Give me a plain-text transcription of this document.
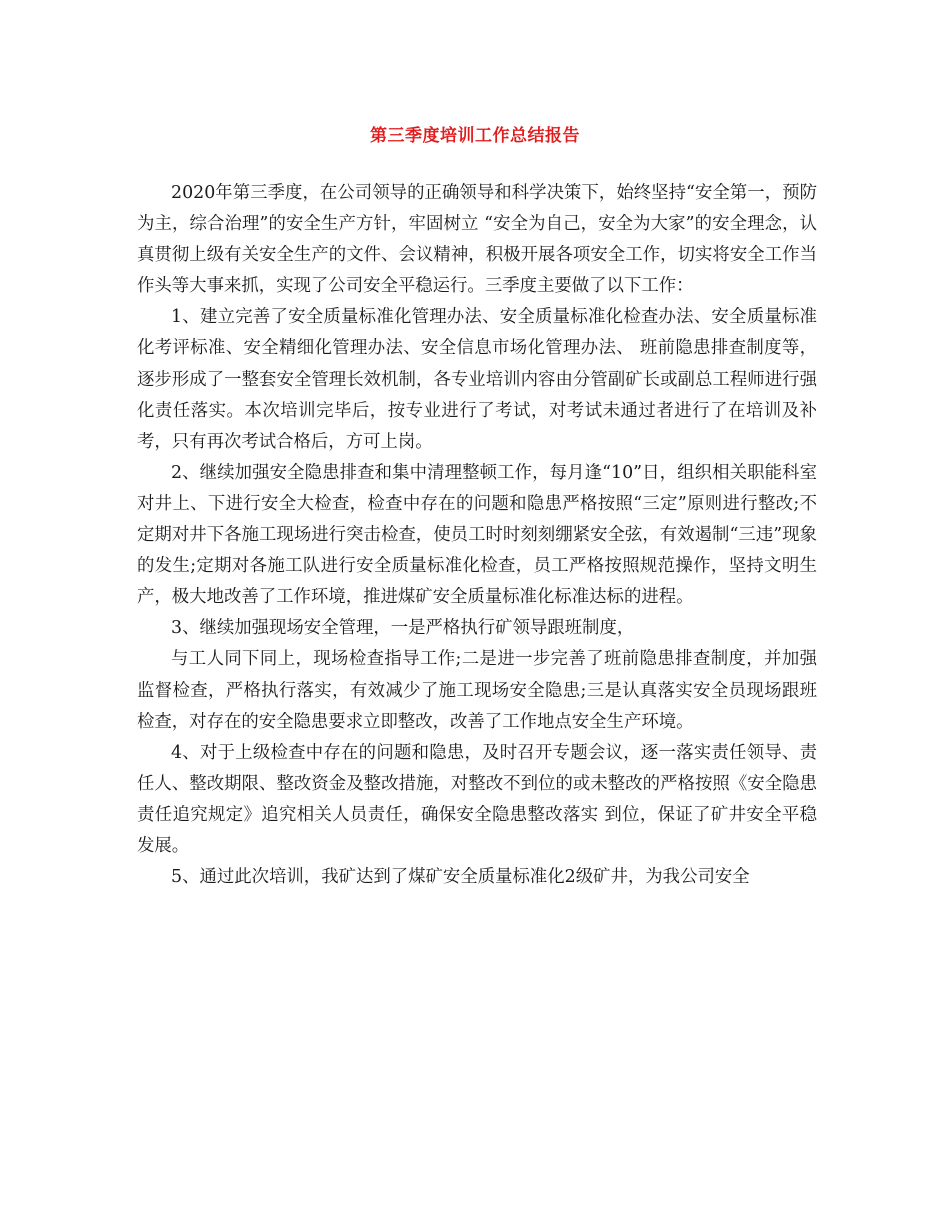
第三季度培训工作总结报告

2020年第三季度，在公司领导的正确领导和科学决策下，始终坚持“安全第一，预防为主，综合治理”的安全生产方针，牢固树立 “安全为自己，安全为大家”的安全理念，认真贯彻上级有关安全生产的文件、会议精神，积极开展各项安全工作，切实将安全工作当作头等大事来抓，实现了公司安全平稳运行。三季度主要做了以下工作：

1、建立完善了安全质量标准化管理办法、安全质量标准化检查办法、安全质量标准化考评标准、安全精细化管理办法、安全信息市场化管理办法、 班前隐患排查制度等，逐步形成了一整套安全管理长效机制，各专业培训内容由分管副矿长或副总工程师进行强化责任落实。本次培训完毕后，按专业进行了考试，对考试未通过者进行了在培训及补考，只有再次考试合格后，方可上岗。

2、继续加强安全隐患排查和集中清理整顿工作，每月逢“10”日，组织相关职能科室对井上、下进行安全大检查，检查中存在的问题和隐患严格按照“三定”原则进行整改;不定期对井下各施工现场进行突击检查，使员工时时刻刻绷紧安全弦，有效遏制“三违”现象的发生;定期对各施工队进行安全质量标准化检查，员工严格按照规范操作，坚持文明生产，极大地改善了工作环境，推进煤矿安全质量标准化标准达标的进程。

3、继续加强现场安全管理，一是严格执行矿领导跟班制度，

与工人同下同上，现场检查指导工作;二是进一步完善了班前隐患排查制度，并加强监督检查，严格执行落实，有效减少了施工现场安全隐患;三是认真落实安全员现场跟班检查，对存在的安全隐患要求立即整改，改善了工作地点安全生产环境。

4、对于上级检查中存在的问题和隐患，及时召开专题会议，逐一落实责任领导、责任人、整改期限、整改资金及整改措施，对整改不到位的或未整改的严格按照《安全隐患责任追究规定》追究相关人员责任，确保安全隐患整改落实 到位，保证了矿井安全平稳发展。

5、通过此次培训，我矿达到了煤矿安全质量标准化2级矿井，为我公司安全
